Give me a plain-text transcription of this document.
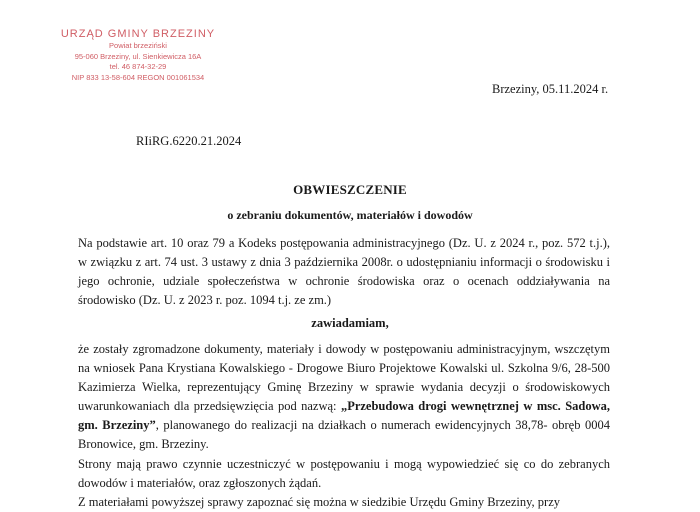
URZĄD GMINY BRZEZINY
Powiat brzeziński
95-060 Brzeziny, ul. Sienkiewicza 16A
tel. 46 874-32-29
NIP 833 13-58-604 REGON 001061534
Brzeziny, 05.11.2024 r.
RIiRG.6220.21.2024
OBWIESZCZENIE
o zebraniu dokumentów, materiałów i dowodów
Na podstawie art. 10 oraz 79 a Kodeks postępowania administracyjnego (Dz. U. z 2024 r., poz. 572 t.j.), w związku z art. 74 ust. 3 ustawy z dnia 3 października 2008r. o udostępnianiu informacji o środowisku i jego ochronie, udziale społeczeństwa w ochronie środowiska oraz o ocenach oddziaływania na środowisko (Dz. U. z 2023 r. poz. 1094 t.j. ze zm.)
zawiadamiam,
że zostały zgromadzone dokumenty, materiały i dowody w postępowaniu administracyjnym, wszczętym na wniosek Pana Krystiana Kowalskiego - Drogowe Biuro Projektowe Kowalski ul. Szkolna 9/6, 28-500 Kazimierza Wielka, reprezentujący Gminę Brzeziny w sprawie wydania decyzji o środowiskowych uwarunkowaniach dla przedsięwzięcia pod nazwą: „Przebudowa drogi wewnętrznej w msc. Sadowa, gm. Brzeziny”, planowanego do realizacji na działkach o numerach ewidencyjnych 38,78- obręb 0004 Bronowice, gm. Brzeziny.
Strony mają prawo czynnie uczestniczyć w postępowaniu i mogą wypowiedzieć się co do zebranych dowodów i materiałów, oraz zgłoszonych żądań.
Z materiałami powyższej sprawy zapoznać się można w siedzibie Urzędu Gminy Brzeziny, przy
